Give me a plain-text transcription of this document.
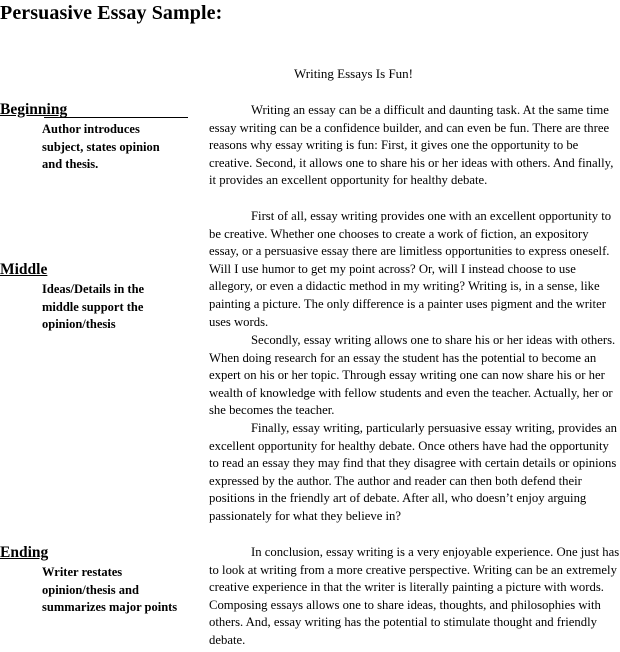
Persuasive Essay Sample:
Writing Essays Is Fun!
Beginning
Author introduces subject, states opinion and thesis.
Middle
Ideas/Details in the middle support the opinion/thesis
Ending
Writer restates opinion/thesis and summarizes major points

Writing an essay can be a difficult and daunting task. At the same time essay writing can be a confidence builder, and can even be fun. There are three reasons why essay writing is fun: First, it gives one the opportunity to be creative. Second, it allows one to share his or her ideas with others. And finally, it provides an excellent opportunity for healthy debate.

First of all, essay writing provides one with an excellent opportunity to be creative. Whether one chooses to create a work of fiction, an expository essay, or a persuasive essay there are limitless opportunities to express oneself. Will I use humor to get my point across? Or, will I instead choose to use allegory, or even a didactic method in my writing? Writing is, in a sense, like painting a picture. The only difference is a painter uses pigment and the writer uses words.

Secondly, essay writing allows one to share his or her ideas with others. When doing research for an essay the student has the potential to become an expert on his or her topic. Through essay writing one can now share his or her wealth of knowledge with fellow students and even the teacher. Actually, her or she becomes the teacher.

Finally, essay writing, particularly persuasive essay writing, provides an excellent opportunity for healthy debate. Once others have had the opportunity to read an essay they may find that they disagree with certain details or opinions expressed by the author. The author and reader can then both defend their positions in the friendly art of debate. After all, who doesn’t enjoy arguing passionately for what they believe in?

In conclusion, essay writing is a very enjoyable experience. One just has to look at writing from a more creative perspective. Writing can be an extremely creative experience in that the writer is literally painting a picture with words. Composing essays allows one to share ideas, thoughts, and philosophies with others. And, essay writing has the potential to stimulate thought and friendly debate.
